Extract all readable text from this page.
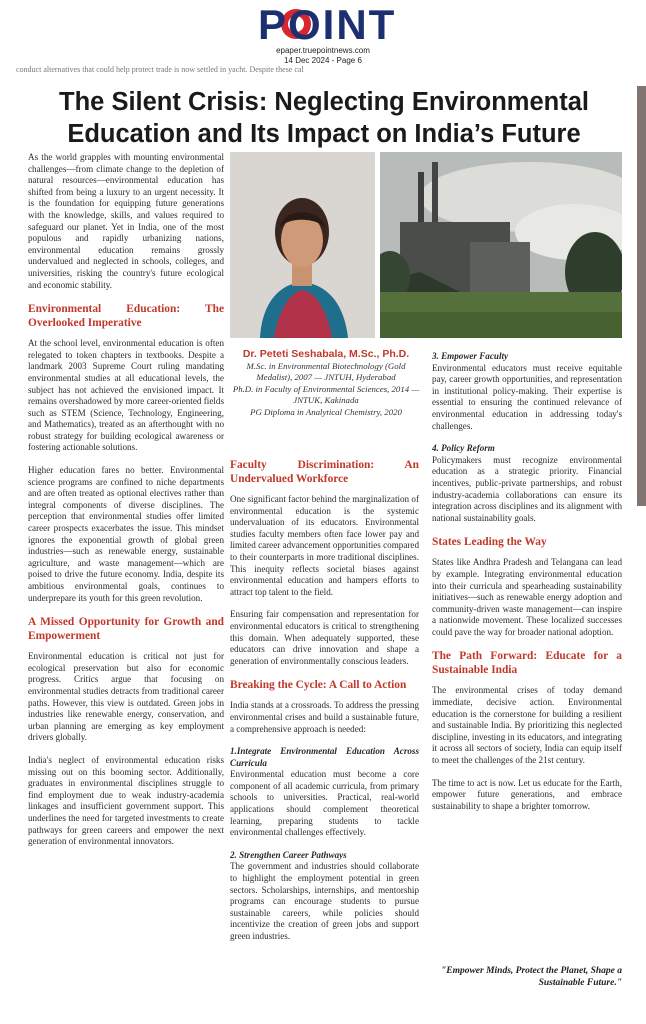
POINT
epaper.truepointnews.com
14 Dec 2024 - Page 6
conduct alternatives that could help protect trade is now settled in yacht. Despite these cal
The Silent Crisis: Neglecting Environmental
Education and Its Impact on India’s Future

As the world grapples with mounting environmental challenges—from climate change to the depletion of natural resources—environmental education has shifted from being a luxury to an urgent necessity. It is the foundation for equipping future generations with the knowledge, skills, and values required to safeguard our planet. Yet in India, one of the most populous and rapidly urbanizing nations, environmental education remains grossly undervalued and neglected in schools, colleges, and universities, risking the country's future ecological and economic stability.

Environmental Education: The Overlooked Imperative

At the school level, environmental education is often relegated to token chapters in textbooks. Despite a landmark 2003 Supreme Court ruling mandating environmental studies at all educational levels, the subject has not achieved the envisioned impact. It remains overshadowed by more career-oriented fields such as STEM (Science, Technology, Engineering, and Mathematics), treated as an afterthought with no robust strategy for building ecological awareness or fostering actionable solutions.

Higher education fares no better. Environmental science programs are confined to niche departments and are often treated as optional electives rather than integral components of diverse disciplines. The perception that environmental studies offer limited career prospects exacerbates the issue. This mindset ignores the exponential growth of global green industries—such as renewable energy, sustainable agriculture, and waste management—which are poised to drive the future economy. India, despite its ambitious environmental goals, continues to underprepare its youth for this green revolution.

A Missed Opportunity for Growth and Empowerment

Environmental education is critical not just for ecological preservation but also for economic progress. Critics argue that focusing on environmental studies detracts from traditional career paths. However, this view is outdated. Green jobs in industries like renewable energy, conservation, and urban planning are emerging as key employment drivers globally.

India's neglect of environmental education risks missing out on this booming sector. Additionally, graduates in environmental disciplines struggle to find employment due to weak industry-academia linkages and insufficient government support. This underlines the need for targeted investments to create pathways for green careers and empower the next generation of environmental innovators.

Dr. Peteti Seshabala, M.Sc., Ph.D.
M.Sc. in Environmental Biotechnology (Gold Medalist), 2007 — JNTUH, Hyderabad
Ph.D. in Faculty of Environmental Sciences, 2014 — JNTUK, Kakinada
PG Diploma in Analytical Chemistry, 2020
Faculty Discrimination: An Undervalued Workforce

One significant factor behind the marginalization of environmental education is the systemic undervaluation of its educators. Environmental studies faculty members often face lower pay and limited career advancement opportunities compared to their counterparts in more traditional disciplines. This inequity reflects societal biases against environmental education and hampers efforts to attract top talent to the field.

Ensuring fair compensation and representation for environmental educators is critical to strengthening this domain. When adequately supported, these educators can drive innovation and shape a generation of environmentally conscious leaders.

Breaking the Cycle: A Call to Action

India stands at a crossroads. To address the pressing environmental crises and build a sustainable future, a comprehensive approach is needed:

1.Integrate Environmental Education Across Curricula

Environmental education must become a core component of all academic curricula, from primary schools to universities. Practical, real-world applications should complement theoretical learning, preparing students to tackle environmental challenges effectively.

2. Strengthen Career Pathways

The government and industries should collaborate to highlight the employment potential in green sectors. Scholarships, internships, and mentorship programs can encourage students to pursue sustainable careers, while policies should incentivize the creation of green jobs and support green industries.

3. Empower Faculty

Environmental educators must receive equitable pay, career growth opportunities, and representation in institutional policy-making. Their expertise is essential to ensuring the continued relevance of environmental education in addressing today's challenges.

4. Policy Reform

Policymakers must recognize environmental education as a strategic priority. Financial incentives, public-private partnerships, and robust industry-academia collaborations can ensure its integration across disciplines and its alignment with national sustainability goals.

States Leading the Way

States like Andhra Pradesh and Telangana can lead by example. Integrating environmental education into their curricula and spearheading sustainability initiatives—such as renewable energy adoption and community-driven waste management—can inspire a nationwide movement. These localized successes could pave the way for broader national adoption.

The Path Forward: Educate for a Sustainable India

The environmental crises of today demand immediate, decisive action. Environmental education is the cornerstone for building a resilient and sustainable India. By prioritizing this neglected discipline, investing in its educators, and integrating it across all sectors of society, India can equip itself to meet the challenges of the 21st century.

The time to act is now. Let us educate for the Earth, empower future generations, and embrace sustainability to shape a brighter tomorrow.

"Empower Minds, Protect the Planet, Shape a Sustainable Future."
